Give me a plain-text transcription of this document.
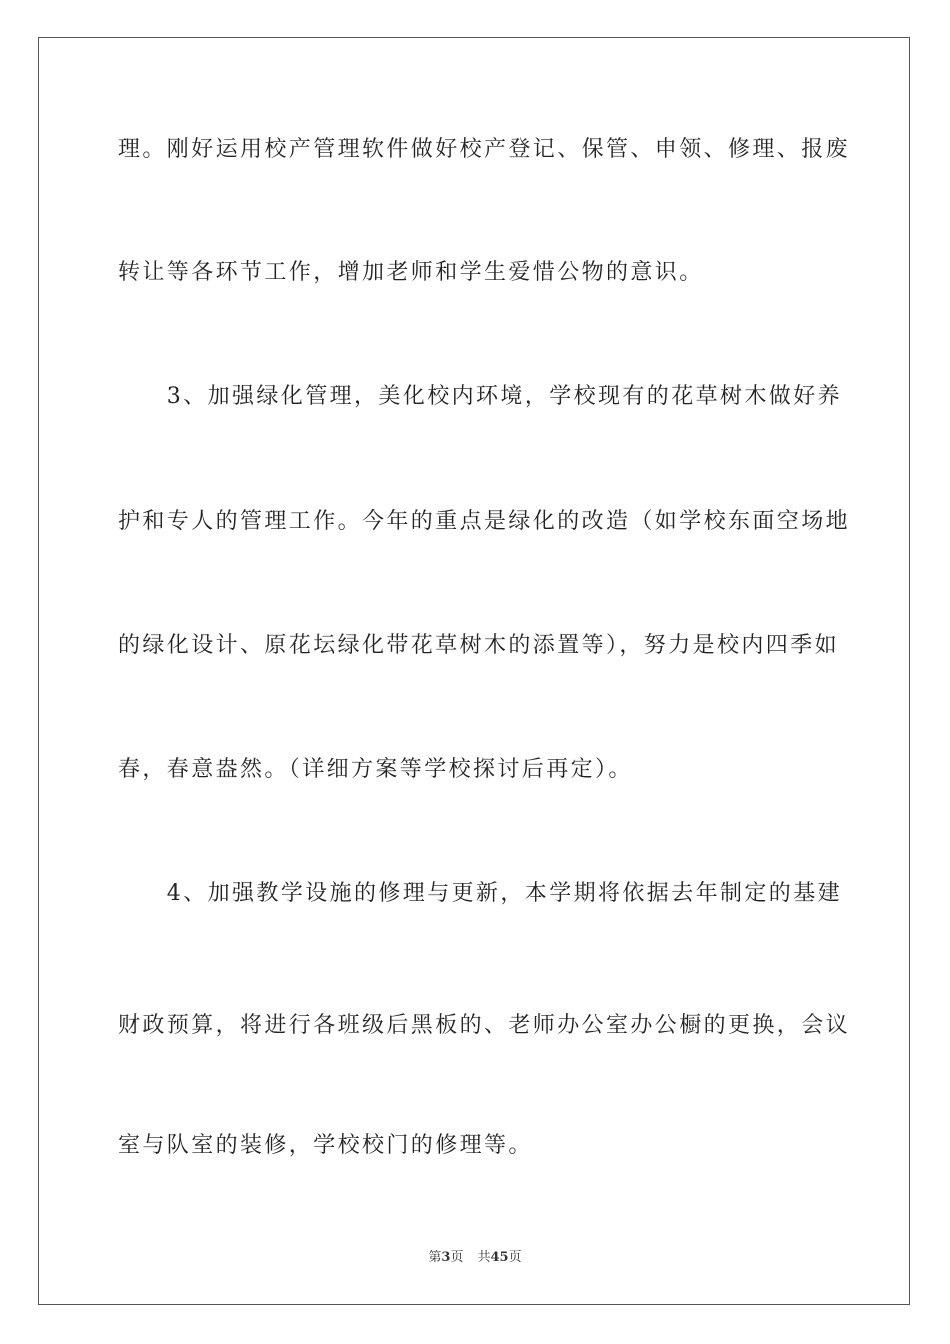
理。刚好运用校产管理软件做好校产登记、保管、申领、修理、报废
转让等各环节工作，增加老师和学生爱惜公物的意识。
　　3、加强绿化管理，美化校内环境，学校现有的花草树木做好养
护和专人的管理工作。今年的重点是绿化的改造（如学校东面空场地
的绿化设计、原花坛绿化带花草树木的添置等），努力是校内四季如
春，春意盎然。（详细方案等学校探讨后再定）。
　　4、加强教学设施的修理与更新，本学期将依据去年制定的基建
财政预算，将进行各班级后黑板的、老师办公室办公橱的更换，会议
室与队室的装修，学校校门的修理等。
第3页 共45页
